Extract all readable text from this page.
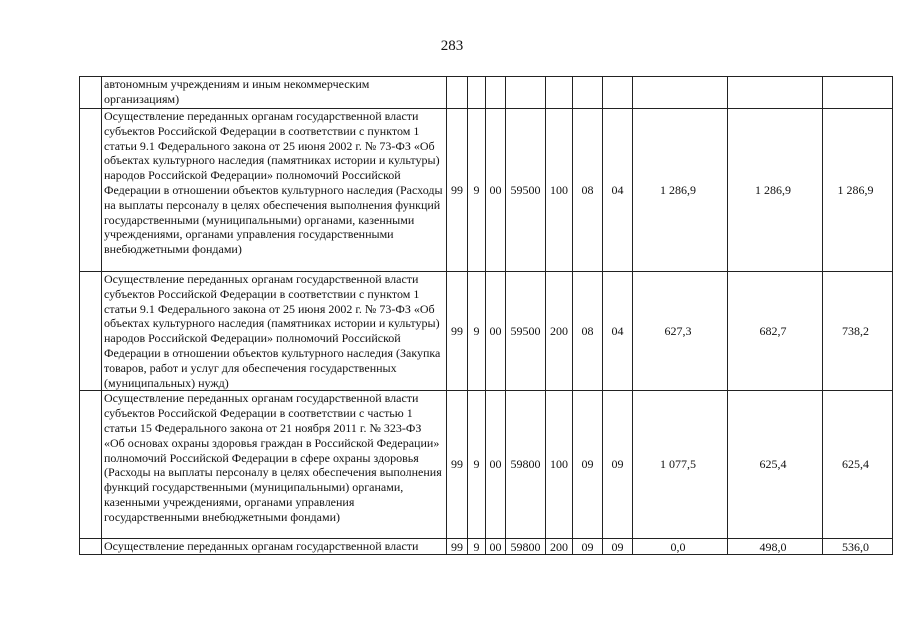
283
	автономным учреждениям и иным некоммерческим организациям)										
	Осуществление переданных органам государственной власти субъектов Российской Федерации в соответствии с пунктом 1 статьи 9.1 Федерального закона от 25 июня 2002 г. № 73-ФЗ «Об объектах культурного наследия (памятниках истории и культуры) народов Российской Федерации» полномочий Российской Федерации в отношении объектов культурного наследия (Расходы на выплаты персоналу в целях обеспечения выполнения функций государственными (муниципальными) органами, казенными учреждениями, органами управления государственными внебюджетными фондами)	99	9	00	59500	100	08	04	1 286,9	1 286,9	1 286,9
	Осуществление переданных органам государственной власти субъектов Российской Федерации в соответствии с пунктом 1 статьи 9.1 Федерального закона от 25 июня 2002 г. № 73-ФЗ «Об объектах культурного наследия (памятниках истории и культуры) народов Российской Федерации» полномочий Российской Федерации в отношении объектов культурного наследия (Закупка товаров, работ и услуг для обеспечения государственных (муниципальных) нужд)	99	9	00	59500	200	08	04	627,3	682,7	738,2
	Осуществление переданных органам государственной власти субъектов Российской Федерации в соответствии с частью 1 статьи 15 Федерального закона от 21 ноября 2011 г. № 323-ФЗ «Об основах охраны здоровья граждан в Российской Федерации» полномочий Российской Федерации в сфере охраны здоровья (Расходы на выплаты персоналу в целях обеспечения выполнения функций государственными (муниципальными) органами, казенными учреждениями, органами управления государственными внебюджетными фондами)	99	9	00	59800	100	09	09	1 077,5	625,4	625,4
	Осуществление переданных органам государственной власти	99	9	00	59800	200	09	09	0,0	498,0	536,0
